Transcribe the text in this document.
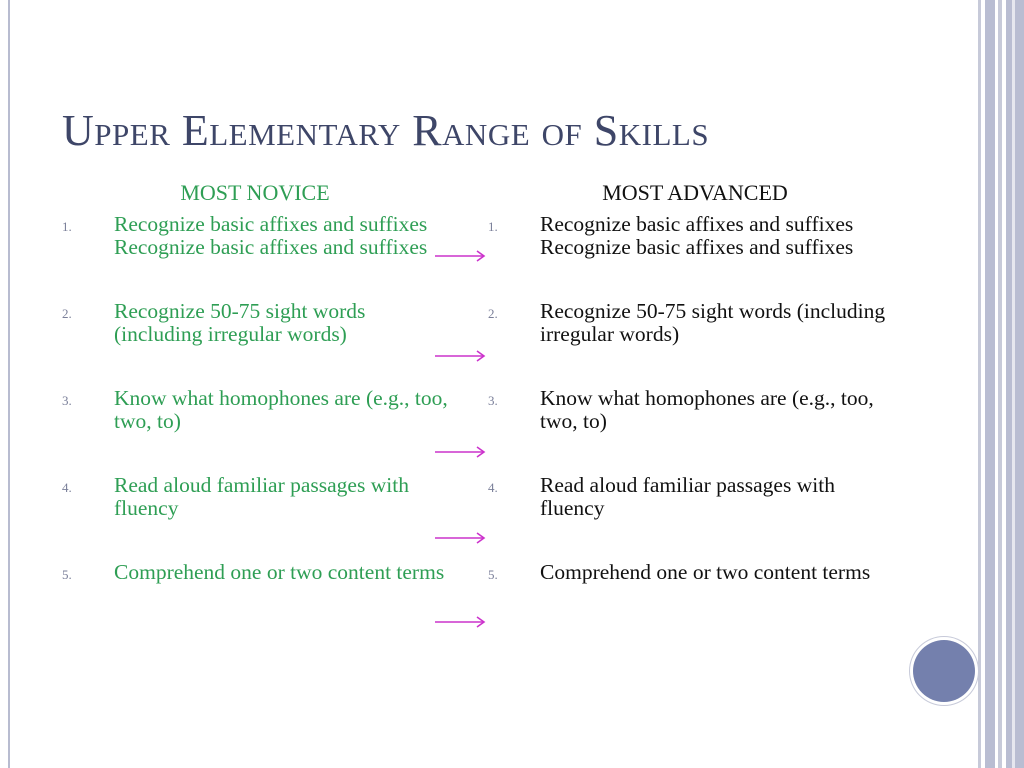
Upper Elementary Range of Skills
MOST NOVICE	MOST ADVANCED
1. Recognize basic affixes and suffixes Recognize basic affixes and suffixes
2. Recognize 50-75 sight words (including irregular words)
3. Know what homophones are (e.g., too, two, to)
4. Read aloud familiar passages with fluency
5. Comprehend one or two content terms
1. Recognize basic affixes and suffixes Recognize basic affixes and suffixes
2. Recognize 50-75 sight words (including irregular words)
3. Know what homophones are (e.g., too, two, to)
4. Read aloud familiar passages with fluency
5. Comprehend one or two content terms
